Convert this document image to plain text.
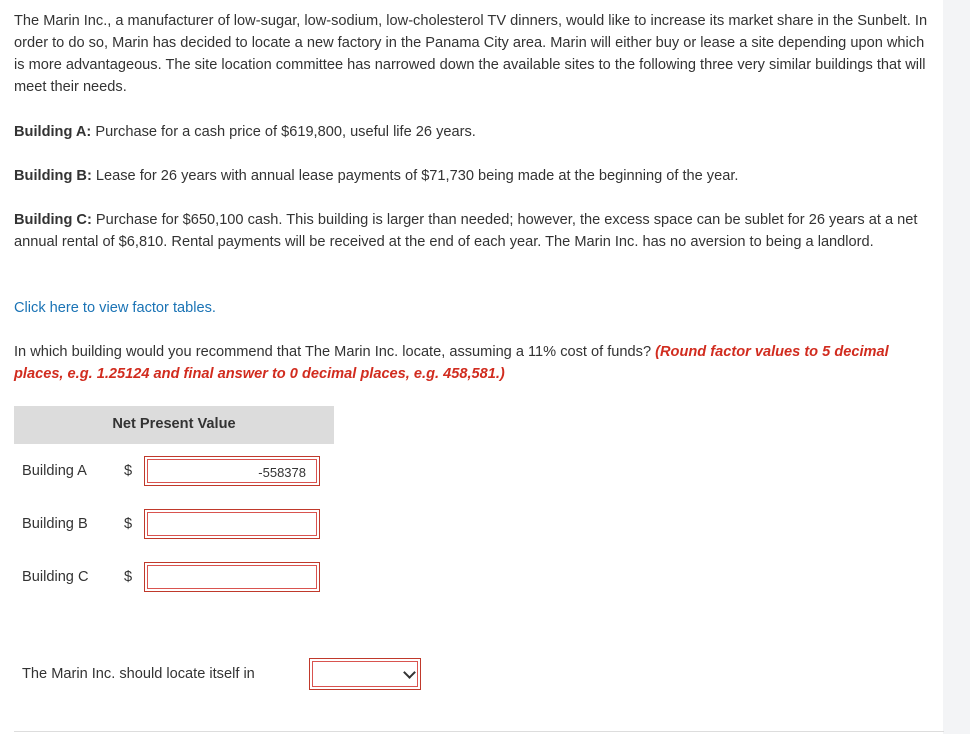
The Marin Inc., a manufacturer of low-sugar, low-sodium, low-cholesterol TV dinners, would like to increase its market share in the Sunbelt. In order to do so, Marin has decided to locate a new factory in the Panama City area. Marin will either buy or lease a site depending upon which is more advantageous. The site location committee has narrowed down the available sites to the following three very similar buildings that will meet their needs.
Building A: Purchase for a cash price of $619,800, useful life 26 years.
Building B: Lease for 26 years with annual lease payments of $71,730 being made at the beginning of the year.
Building C: Purchase for $650,100 cash. This building is larger than needed; however, the excess space can be sublet for 26 years at a net annual rental of $6,810. Rental payments will be received at the end of each year. The Marin Inc. has no aversion to being a landlord.
Click here to view factor tables.
In which building would you recommend that The Marin Inc. locate, assuming a 11% cost of funds? (Round factor values to 5 decimal places, e.g. 1.25124 and final answer to 0 decimal places, e.g. 458,581.)
Net Present Value
Building A	$	-558378
Building B $
Building C $
The Marin Inc. should locate itself in
